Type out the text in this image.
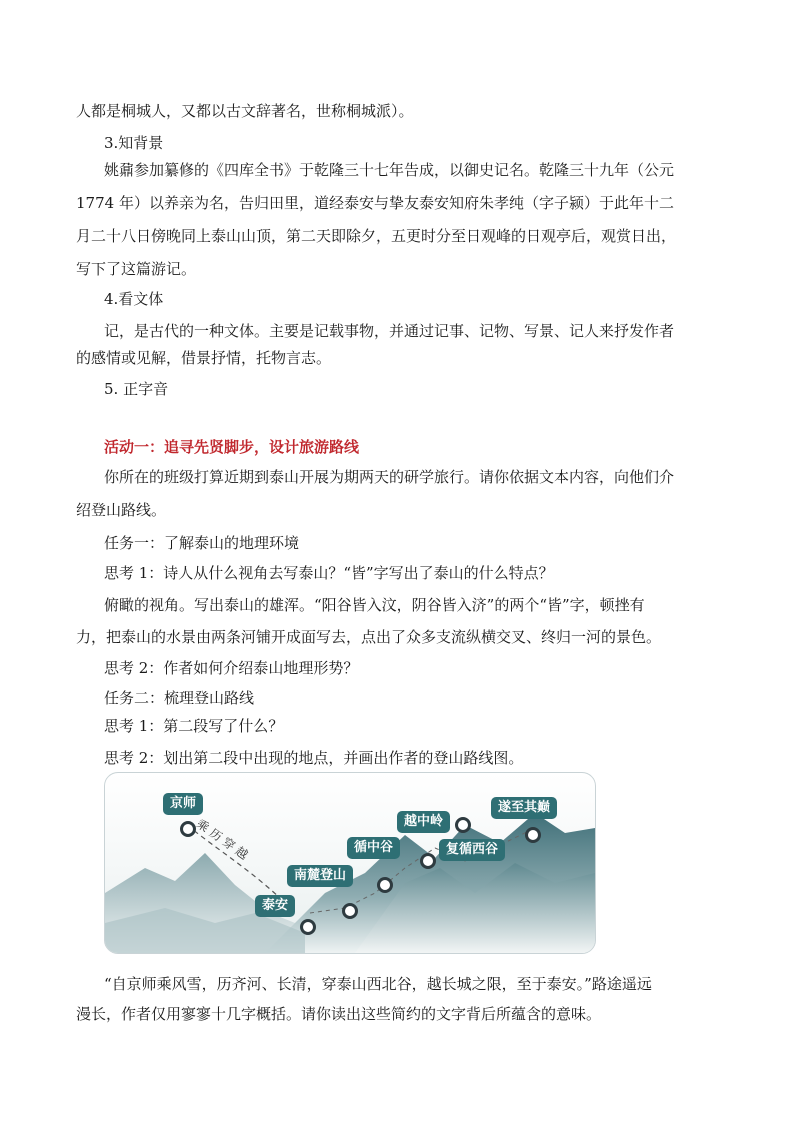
人都是桐城人，又都以古文辞著名，世称桐城派）。
3.知背景
姚鼐参加纂修的《四库全书》于乾隆三十七年告成，以御史记名。乾隆三十九年（公元
1774 年）以养亲为名，告归田里，道经泰安与挚友泰安知府朱孝纯（字子颍）于此年十二
月二十八日傍晚同上泰山山顶，第二天即除夕，五更时分至日观峰的日观亭后，观赏日出，
写下了这篇游记。
4.看文体
记，是古代的一种文体。主要是记载事物，并通过记事、记物、写景、记人来抒发作者
的感情或见解，借景抒情，托物言志。
5. 正字音
活动一：追寻先贤脚步，设计旅游路线
你所在的班级打算近期到泰山开展为期两天的研学旅行。请你依据文本内容，向他们介
绍登山路线。
任务一：了解泰山的地理环境
思考 1：诗人从什么视角去写泰山？“皆”字写出了泰山的什么特点？
俯瞰的视角。写出泰山的雄浑。“阳谷皆入汶，阴谷皆入济”的两个“皆”字，顿挫有
力，把泰山的水景由两条河铺开成面写去，点出了众多支流纵横交叉、终归一河的景色。
思考 2：作者如何介绍泰山地理形势？
任务二：梳理登山路线
思考 1：第二段写了什么？
思考 2：划出第二段中出现的地点，并画出作者的登山路线图。
京师
乘 历 穿 越
南麓登山
泰安
循中谷
越中岭
复循西谷
遂至其巅
“自京师乘风雪，历齐河、长清，穿泰山西北谷，越长城之限，至于泰安。”路途遥远
漫长，作者仅用寥寥十几字概括。请你读出这些简约的文字背后所蕴含的意味。
